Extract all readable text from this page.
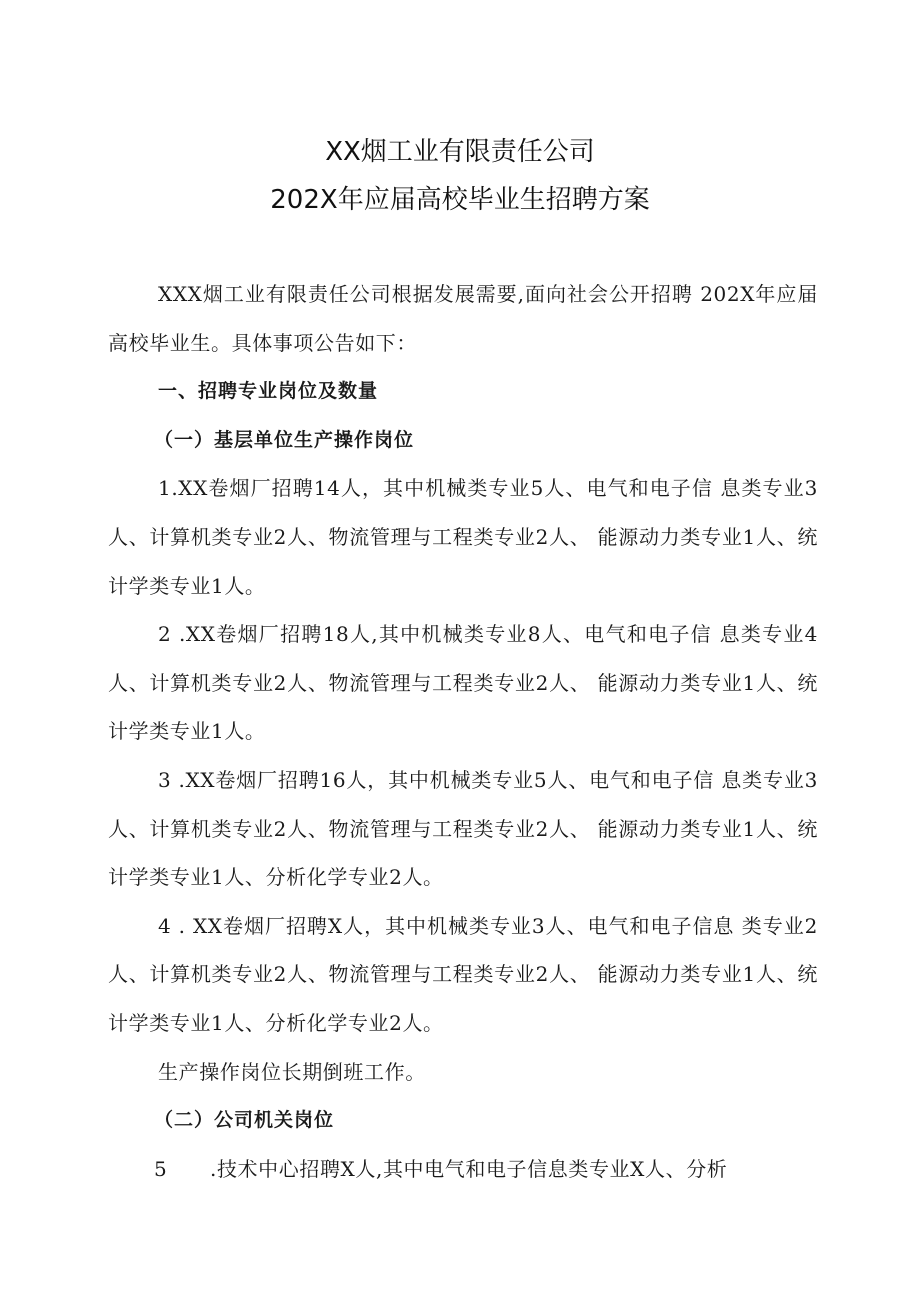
XX烟工业有限责任公司
202X年应届高校毕业生招聘方案

XXX烟工业有限责任公司根据发展需要,面向社会公开招聘 202X年应届高校毕业生。具体事项公告如下：

一、招聘专业岗位及数量

（一）基层单位生产操作岗位

1.XX卷烟厂招聘14人，其中机械类专业5人、电气和电子信 息类专业3人、计算机类专业2人、物流管理与工程类专业2人、 能源动力类专业1人、统计学类专业1人。

2 .XX卷烟厂招聘18人,其中机械类专业8人、电气和电子信 息类专业4人、计算机类专业2人、物流管理与工程类专业2人、 能源动力类专业1人、统计学类专业1人。

3 .XX卷烟厂招聘16人，其中机械类专业5人、电气和电子信 息类专业3人、计算机类专业2人、物流管理与工程类专业2人、 能源动力类专业1人、统计学类专业1人、分析化学专业2人。

4 . XX卷烟厂招聘X人，其中机械类专业3人、电气和电子信息 类专业2人、计算机类专业2人、物流管理与工程类专业2人、 能源动力类专业1人、统计学类专业1人、分析化学专业2人。

生产操作岗位长期倒班工作。

（二）公司机关岗位

5 .技术中心招聘X人,其中电气和电子信息类专业X人、分析
